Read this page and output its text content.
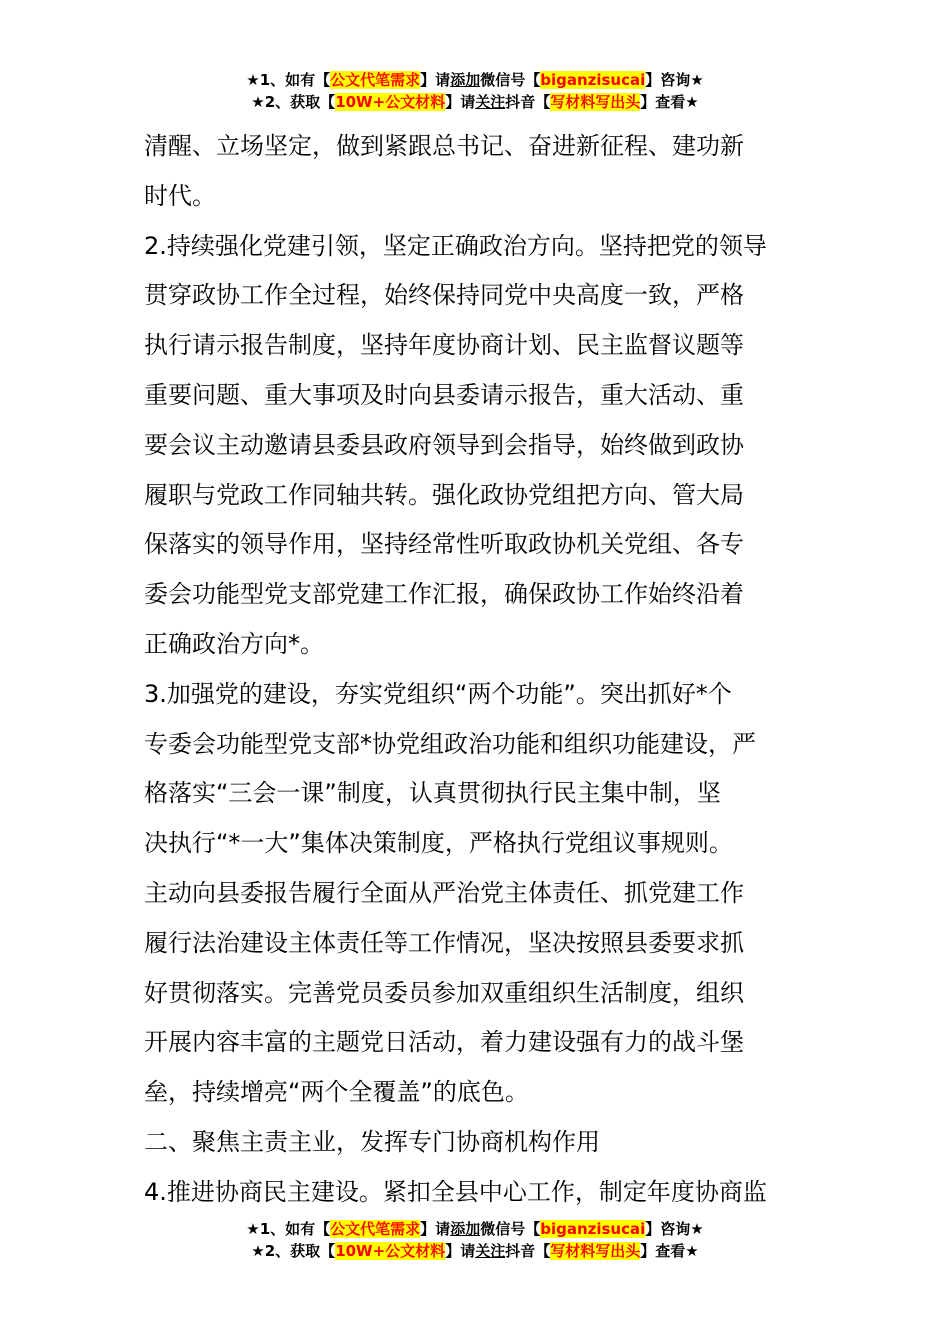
★1、如有【公文代笔需求】请添加微信号【biganzisucai】咨询★
★2、获取【10W+公文材料】请关注抖音【写材料写出头】查看★

清醒、立场坚定，做到紧跟总书记、奋进新征程、建功新

时代。

2.持续强化党建引领，坚定正确政治方向。坚持把党的领导

贯穿政协工作全过程，始终保持同党中央高度一致，严格

执行请示报告制度，坚持年度协商计划、民主监督议题等

重要问题、重大事项及时向县委请示报告，重大活动、重

要会议主动邀请县委县政府领导到会指导，始终做到政协

履职与党政工作同轴共转。强化政协党组把方向、管大局

保落实的领导作用，坚持经常性听取政协机关党组、各专

委会功能型党支部党建工作汇报，确保政协工作始终沿着

正确政治方向*。

3.加强党的建设，夯实党组织“两个功能”。突出抓好*个

专委会功能型党支部*协党组政治功能和组织功能建设，严

格落实“三会一课”制度，认真贯彻执行民主集中制，坚

决执行“*一大”集体决策制度，严格执行党组议事规则。

主动向县委报告履行全面从严治党主体责任、抓党建工作

履行法治建设主体责任等工作情况，坚决按照县委要求抓

好贯彻落实。完善党员委员参加双重组织生活制度，组织

开展内容丰富的主题党日活动，着力建设强有力的战斗堡

垒，持续增亮“两个全覆盖”的底色。

二、聚焦主责主业，发挥专门协商机构作用

4.推进协商民主建设。紧扣全县中心工作，制定年度协商监

★1、如有【公文代笔需求】请添加微信号【biganzisucai】咨询★
★2、获取【10W+公文材料】请关注抖音【写材料写出头】查看★
